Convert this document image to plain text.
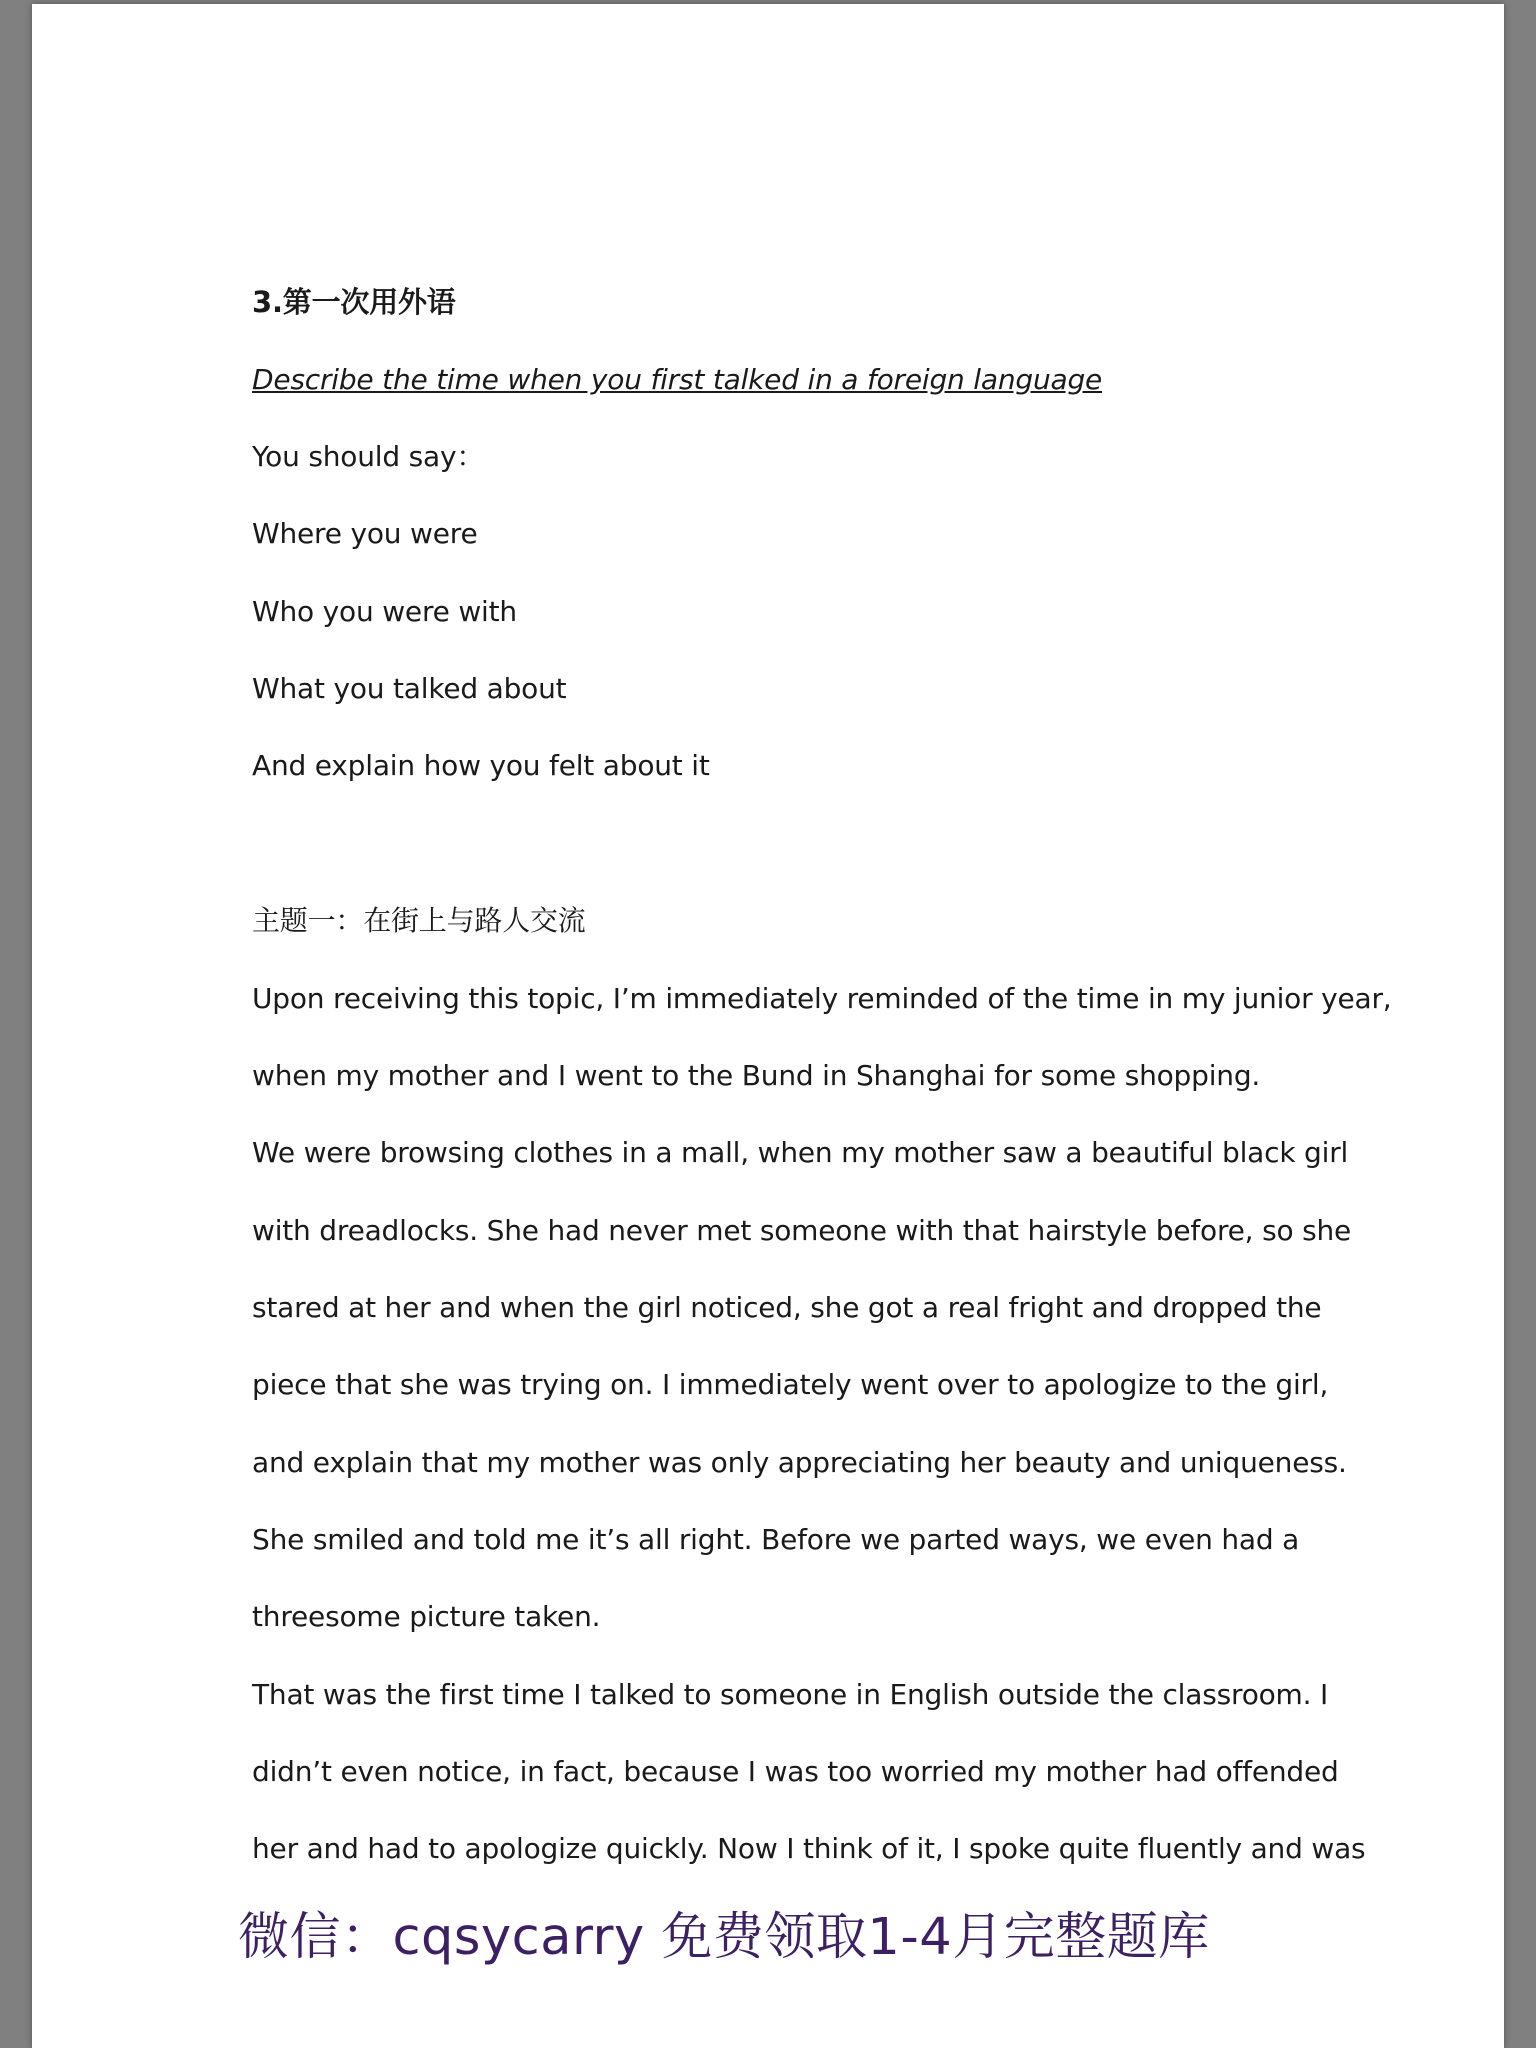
3.第一次用外语
Describe the time when you first talked in a foreign language
You should say：
Where you were
Who you were with
What you talked about
And explain how you felt about it
主题一：在街上与路人交流
Upon receiving this topic, I’m immediately reminded of the time in my junior year,
when my mother and I went to the Bund in Shanghai for some shopping.
We were browsing clothes in a mall, when my mother saw a beautiful black girl
with dreadlocks. She had never met someone with that hairstyle before, so she
stared at her and when the girl noticed, she got a real fright and dropped the
piece that she was trying on. I immediately went over to apologize to the girl,
and explain that my mother was only appreciating her beauty and uniqueness.
She smiled and told me it’s all right. Before we parted ways, we even had a
threesome picture taken.
That was the first time I talked to someone in English outside the classroom. I
didn’t even notice, in fact, because I was too worried my mother had offended
her and had to apologize quickly. Now I think of it, I spoke quite fluently and was
微信：cqsycarry 免费领取1-4月完整题库
